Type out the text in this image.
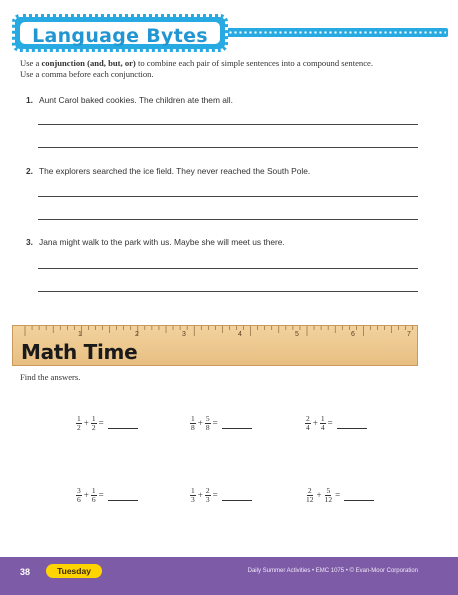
Language Bytes
Use a conjunction (and, but, or) to combine each pair of simple sentences into a compound sentence.
Use a comma before each conjunction.
1. Aunt Carol baked cookies. The children ate them all.
2. The explorers searched the ice field. They never reached the South Pole.
3. Jana might walk to the park with us. Maybe she will meet us there.
Math Time
1	2	3	4	5	6	7
Find the answers.
$\frac{1}{2} + \frac{1}{2}$ =	$\frac{1}{8} + \frac{5}{8}$ =	$\frac{2}{4} + \frac{1}{4}$ =
$\frac{3}{6} + \frac{1}{6}$ =	$\frac{1}{3} + \frac{2}{3}$ =	$\frac{2}{12} + \frac{5}{12}$ =
38	Tuesday	Daily Summer Activities • EMC 1075 • © Evan-Moor Corporation
